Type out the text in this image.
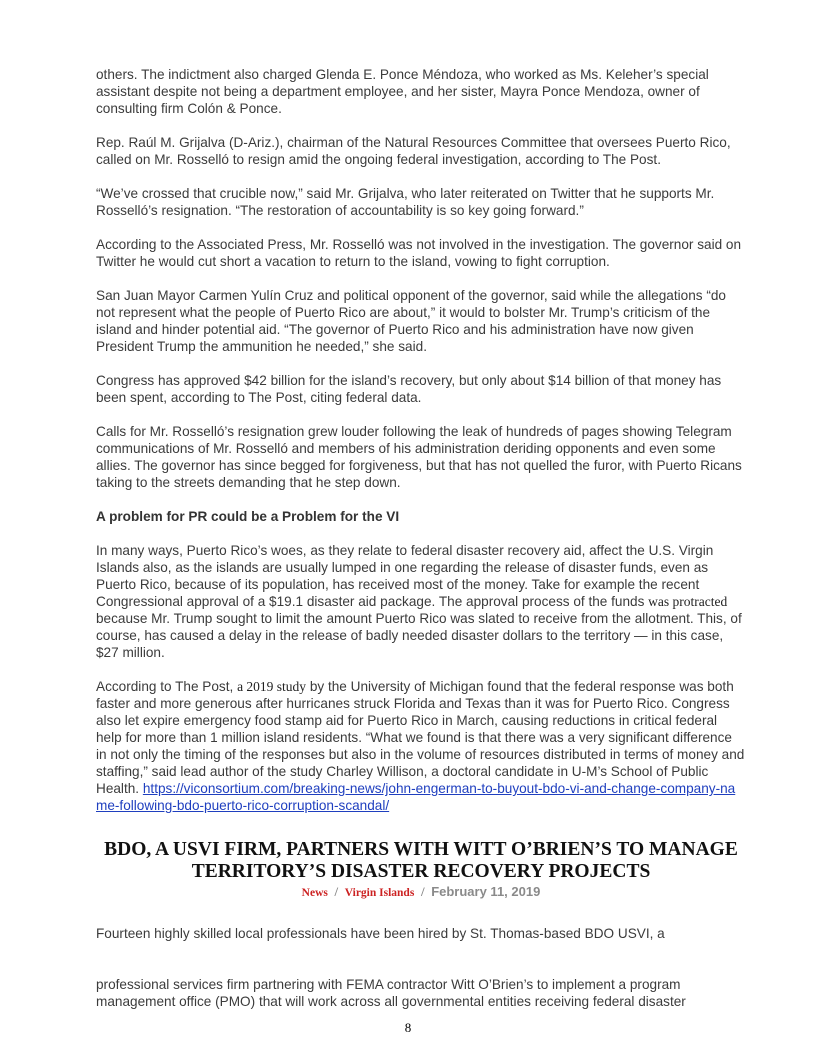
others. The indictment also charged Glenda E. Ponce Méndoza, who worked as Ms. Keleher’s special assistant despite not being a department employee, and her sister, Mayra Ponce Mendoza, owner of consulting firm Colón & Ponce.

Rep. Raúl M. Grijalva (D-Ariz.), chairman of the Natural Resources Committee that oversees Puerto Rico, called on Mr. Rosselló to resign amid the ongoing federal investigation, according to The Post.

“We’ve crossed that crucible now,” said Mr. Grijalva, who later reiterated on Twitter that he supports Mr. Rosselló’s resignation. “The restoration of accountability is so key going forward.”

According to the Associated Press, Mr. Rosselló was not involved in the investigation. The governor said on Twitter he would cut short a vacation to return to the island, vowing to fight corruption.

San Juan Mayor Carmen Yulín Cruz and political opponent of the governor, said while the allegations “do not represent what the people of Puerto Rico are about,” it would to bolster Mr. Trump’s criticism of the island and hinder potential aid. “The governor of Puerto Rico and his administration have now given President Trump the ammunition he needed,” she said.

Congress has approved $42 billion for the island’s recovery, but only about $14 billion of that money has been spent, according to The Post, citing federal data.

Calls for Mr. Rosselló’s resignation grew louder following the leak of hundreds of pages showing Telegram communications of Mr. Rosselló and members of his administration deriding opponents and even some allies. The governor has since begged for forgiveness, but that has not quelled the furor, with Puerto Ricans taking to the streets demanding that he step down.

A problem for PR could be a Problem for the VI

In many ways, Puerto Rico’s woes, as they relate to federal disaster recovery aid, affect the U.S. Virgin Islands also, as the islands are usually lumped in one regarding the release of disaster funds, even as Puerto Rico, because of its population, has received most of the money. Take for example the recent Congressional approval of a $19.1 disaster aid package. The approval process of the funds was protracted because Mr. Trump sought to limit the amount Puerto Rico was slated to receive from the allotment. This, of course, has caused a delay in the release of badly needed disaster dollars to the territory — in this case, $27 million.

According to The Post, a 2019 study by the University of Michigan found that the federal response was both faster and more generous after hurricanes struck Florida and Texas than it was for Puerto Rico. Congress also let expire emergency food stamp aid for Puerto Rico in March, causing reductions in critical federal help for more than 1 million island residents. “What we found is that there was a very significant difference in not only the timing of the responses but also in the volume of resources distributed in terms of money and staffing,” said lead author of the study Charley Willison, a doctoral candidate in U-M’s School of Public Health. https://viconsortium.com/breaking-news/john-engerman-to-buyout-bdo-vi-and-change-company-name-following-bdo-puerto-rico-corruption-scandal/

BDO, A USVI FIRM, PARTNERS WITH WITT O’BRIEN’S TO MANAGE TERRITORY’S DISASTER RECOVERY PROJECTS
News / Virgin Islands / February 11, 2019

Fourteen highly skilled local professionals have been hired by St. Thomas-based BDO USVI, a

professional services firm partnering with FEMA contractor Witt O’Brien’s to implement a program management office (PMO) that will work across all governmental entities receiving federal disaster

8
